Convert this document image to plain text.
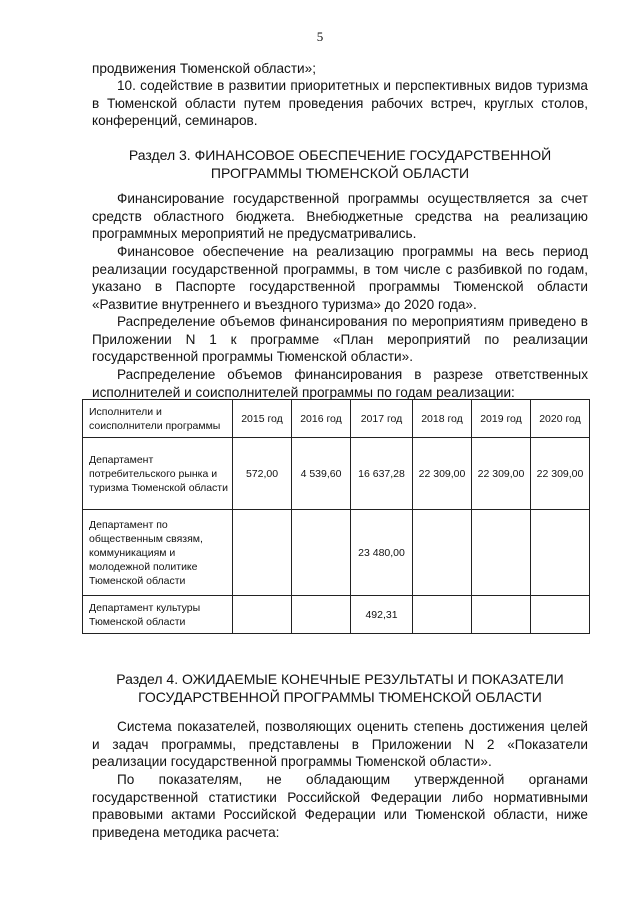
5

продвижения Тюменской области»;

10. содействие в развитии приоритетных и перспективных видов туризма в Тюменской области путем проведения рабочих встреч, круглых столов, конференций, семинаров.

Раздел 3. ФИНАНСОВОЕ ОБЕСПЕЧЕНИЕ ГОСУДАРСТВЕННОЙ
ПРОГРАММЫ ТЮМЕНСКОЙ ОБЛАСТИ

Финансирование государственной программы осуществляется за счет средств областного бюджета. Внебюджетные средства на реализацию программных мероприятий не предусматривались.

Финансовое обеспечение на реализацию программы на весь период реализации государственной программы, в том числе с разбивкой по годам, указано в Паспорте государственной программы Тюменской области «Развитие внутреннего и въездного туризма» до 2020 года».

Распределение объемов финансирования по мероприятиям приведено в Приложении N 1 к программе «План мероприятий по реализации государственной программы Тюменской области».

Распределение объемов финансирования в разрезе ответственных исполнителей и соисполнителей программы по годам реализации:

Исполнители и соисполнители программы	2015 год	2016 год	2017 год	2018 год	2019 год	2020 год
Департамент потребительского рынка и туризма Тюменской области	572,00	4 539,60	16 637,28	22 309,00	22 309,00	22 309,00
Департамент по общественным связям, коммуникациям и молодежной политике Тюменской области			23 480,00			
Департамент культуры Тюменской области			492,31			
Раздел 4. ОЖИДАЕМЫЕ КОНЕЧНЫЕ РЕЗУЛЬТАТЫ И ПОКАЗАТЕЛИ
ГОСУДАРСТВЕННОЙ ПРОГРАММЫ ТЮМЕНСКОЙ ОБЛАСТИ

Система показателей, позволяющих оценить степень достижения целей и задач программы, представлены в Приложении N 2 «Показатели реализации государственной программы Тюменской области».

По показателям, не обладающим утвержденной органами государственной статистики Российской Федерации либо нормативными правовыми актами Российской Федерации или Тюменской области, ниже приведена методика расчета:
